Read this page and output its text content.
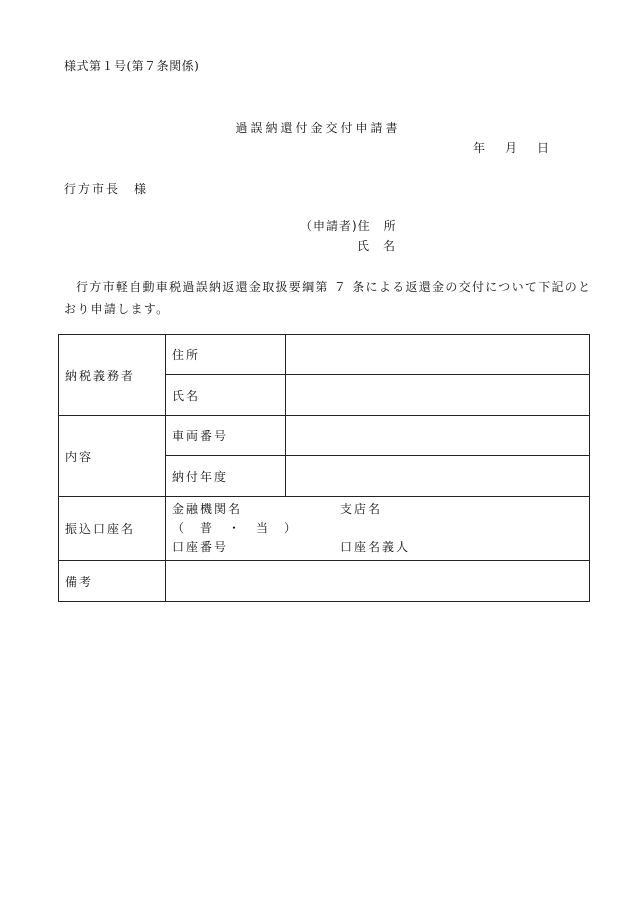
様式第１号(第７条関係)
過誤納還付金交付申請書
年 月 日
行方市長　様
（申請者)住　所
氏　名
行方市軽自動車税過誤納返還金取扱要綱第 ７ 条による返還金の交付について下記のとおり申請します。
納税義務者	住所	
	氏名	
内容	車両番号	
	納付年度	
振込口座名	金融機関名 支店名
（　普　・　当　）
口座番号 口座名義人	

備考		
